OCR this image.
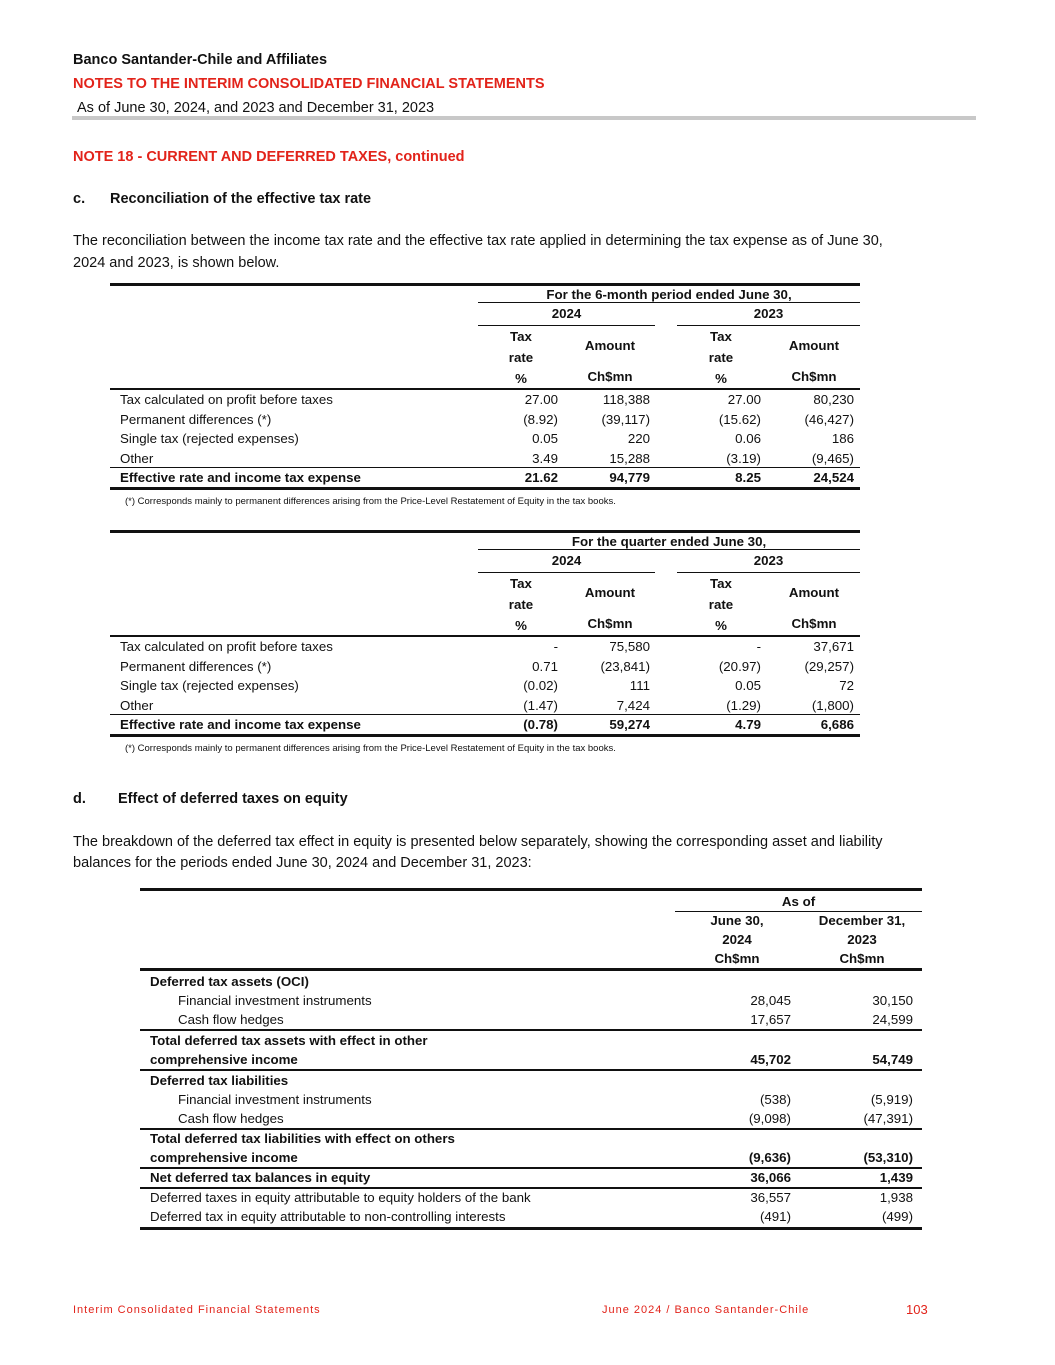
Banco Santander-Chile and Affiliates
NOTES TO THE INTERIM CONSOLIDATED FINANCIAL STATEMENTS
As of June 30, 2024, and 2023 and December 31, 2023
NOTE 18 - CURRENT AND DEFERRED TAXES, continued
c. Reconciliation of the effective tax rate
The reconciliation between the income tax rate and the effective tax rate applied in determining the tax expense as of June 30,
2024 and 2023, is shown below.
For the 6-month period ended June 30,
2024	2023
Tax
rate
%
Amount
Ch$mn
Tax
rate
%
Amount
Ch$mn
Tax calculated on profit before taxes	27.00	118,388	27.00	80,230
Permanent differences (*)	(8.92)	(39,117)	(15.62)	(46,427)
Single tax (rejected expenses)	0.05	220	0.06	186
Other	3.49	15,288	(3.19)	(9,465)
Effective rate and income tax expense	21.62	94,779	8.25	24,524
(*) Corresponds mainly to permanent differences arising from the Price-Level Restatement of Equity in the tax books.
For the quarter ended June 30,
2024	2023
Tax
rate
%
Amount
Ch$mn
Tax
rate
%
Amount
Ch$mn
Tax calculated on profit before taxes	-	75,580	-	37,671
Permanent differences (*)	0.71	(23,841)	(20.97)	(29,257)
Single tax (rejected expenses)	(0.02)	111	0.05	72
Other	(1.47)	7,424	(1.29)	(1,800)
Effective rate and income tax expense	(0.78)	59,274	4.79	6,686
(*) Corresponds mainly to permanent differences arising from the Price-Level Restatement of Equity in the tax books.
d. Effect of deferred taxes on equity
The breakdown of the deferred tax effect in equity is presented below separately, showing the corresponding asset and liability
balances for the periods ended June 30, 2024 and December 31, 2023:
As of
June 30,
2024
Ch$mn
December 31,
2023
Ch$mn
Deferred tax assets (OCI)
Financial investment instruments	28,045	30,150
Cash flow hedges	17,657	24,599
Total deferred tax assets with effect in other
comprehensive income	45,702	54,749
Deferred tax liabilities
Financial investment instruments	(538)	(5,919)
Cash flow hedges	(9,098)	(47,391)
Total deferred tax liabilities with effect on others
comprehensive income	(9,636)	(53,310)
Net deferred tax balances in equity	36,066	1,439
Deferred taxes in equity attributable to equity holders of the bank	36,557	1,938
Deferred tax in equity attributable to non-controlling interests	(491)	(499)
Interim Consolidated Financial Statements	June 2024 / Banco Santander-Chile	103
